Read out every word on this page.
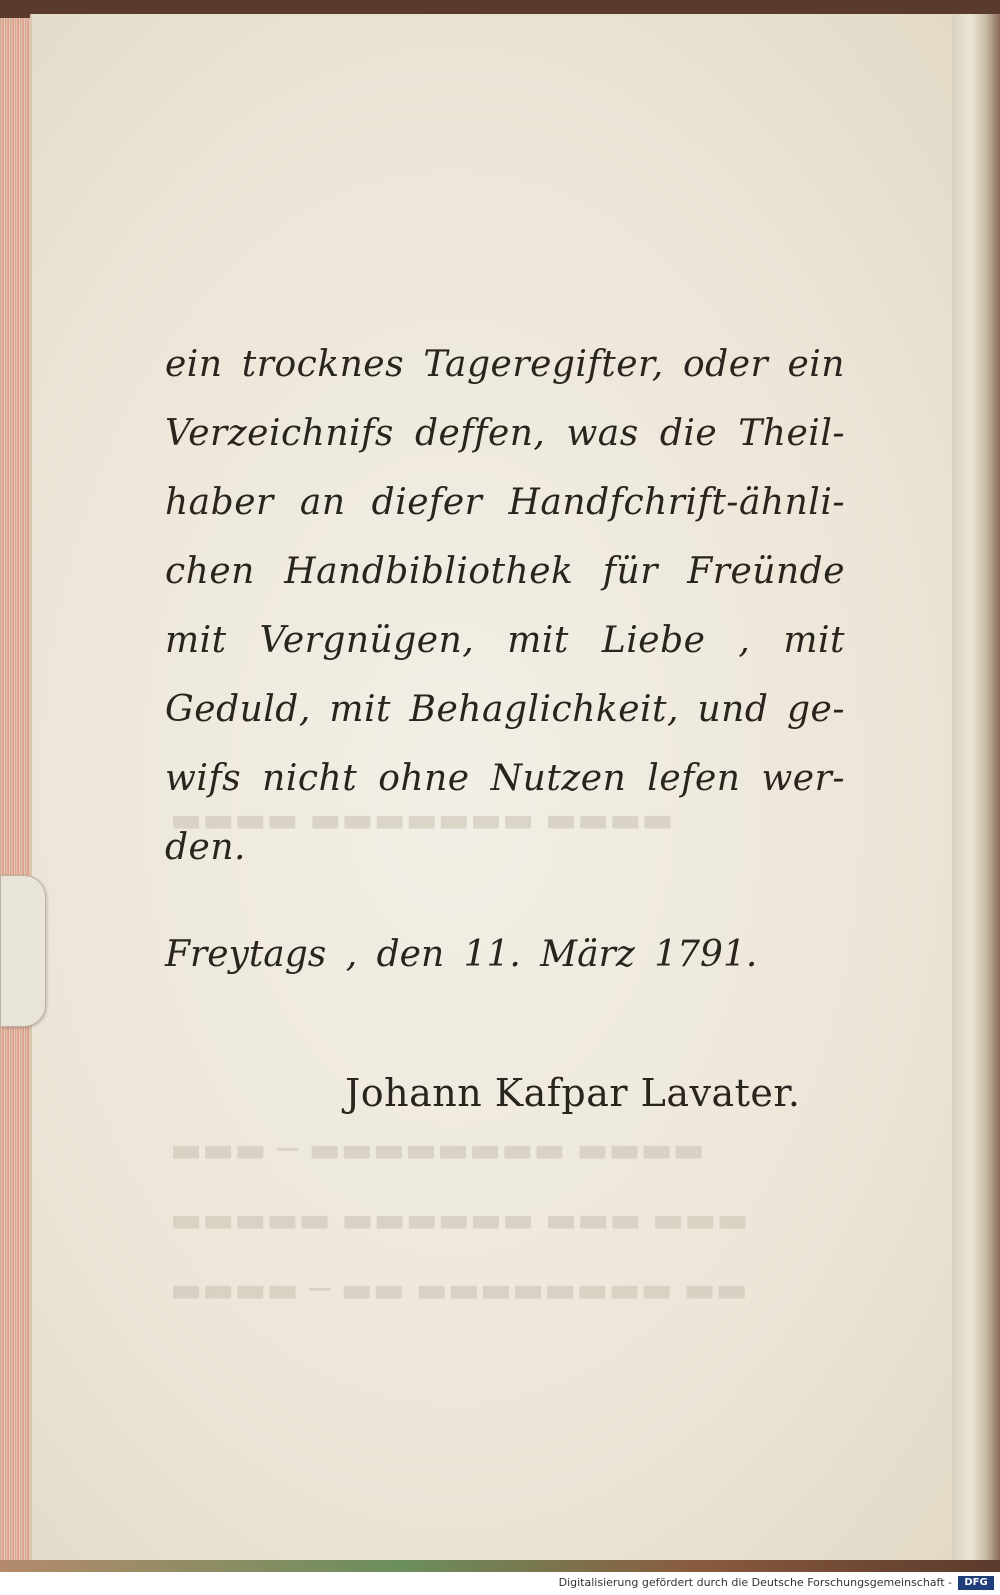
▬▬▬▬ ▬▬▬▬▬▬▬ ▬▬▬▬
▬▬▬▬ ▬▬▬▬▬▬▬▬ ─ ▬▬▬
▬▬▬ ▬▬▬ ▬▬▬▬▬▬ ▬▬▬▬▬
▬▬ ▬▬▬▬▬▬▬▬ ▬▬ ─ ▬▬▬▬
ein trocknes Tageregifter, oder ein
Verzeichnifs deffen, was die Theil-
haber an diefer Handfchrift-ähnli-
chen Handbibliothek für Freünde
mit Vergnügen, mit Liebe , mit
Geduld, mit Behaglichkeit, und ge-
wifs nicht ohne Nutzen lefen wer-
den.
Freytags , den 11. März 1791.
Johann Kafpar Lavater.
Digitalisierung gefördert durch die Deutsche Forschungsgemeinschaft -	DFG
